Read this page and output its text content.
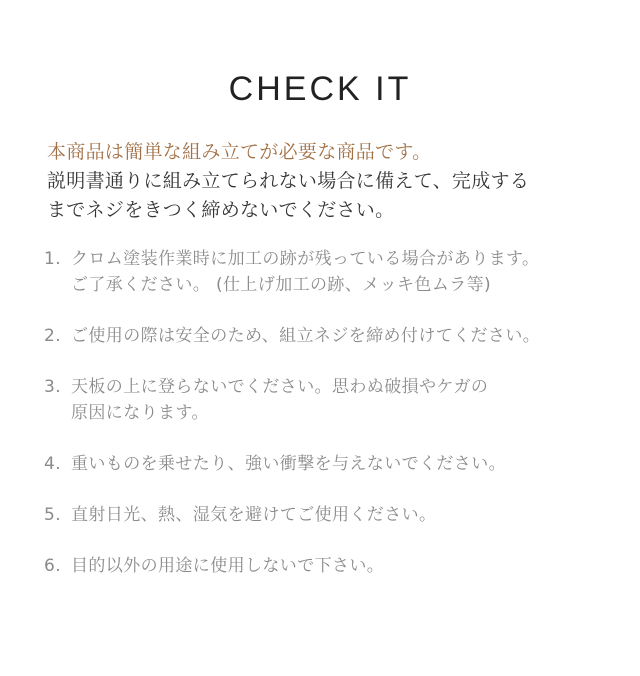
CHECK IT
本商品は簡単な組み立てが必要な商品です。
説明書通りに組み立てられない場合に備えて、完成する
までネジをきつく締めないでください。
1. クロム塗装作業時に加工の跡が残っている場合があります。
ご了承ください。 (仕上げ加工の跡、メッキ色ムラ等)
2. ご使用の際は安全のため、組立ネジを締め付けてください。
3. 天板の上に登らないでください。思わぬ破損やケガの
原因になります。
4. 重いものを乗せたり、強い衝撃を与えないでください。
5. 直射日光、熱、湿気を避けてご使用ください。
6. 目的以外の用途に使用しないで下さい。
